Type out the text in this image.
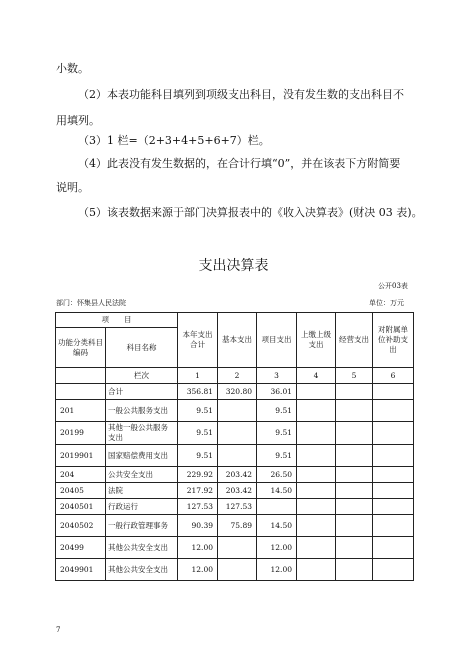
小数。
（2）本表功能科目填列到项级支出科目，没有发生数的支出科目不
用填列。
（3）1 栏=（2+3+4+5+6+7）栏。
（4）此表没有发生数据的，在合计行填“0”，并在该表下方附简要
说明。
（5）该表数据来源于部门决算报表中的《收入决算表》(财决 03 表)。
支出决算表
公开03表
部门：怀集县人民法院	单位：万元
项　　目		本年支出合计	基本支出	项目支出	上缴上级支出	经营支出	对附属单位补助支出
功能分类科目编码	科目名称						
	栏次	1	2	3	4	5	6
	合计	356.81	320.80	36.01			
201	一般公共服务支出	9.51		9.51			
20199	其他一般公共服务支出	9.51		9.51			
2019901	国家赔偿费用支出	9.51		9.51			
204	公共安全支出	229.92	203.42	26.50			
20405	法院	217.92	203.42	14.50			
2040501	行政运行	127.53	127.53				
2040502	一般行政管理事务	90.39	75.89	14.50			
20499	其他公共安全支出	12.00		12.00			
2049901	其他公共安全支出	12.00		12.00			
7
